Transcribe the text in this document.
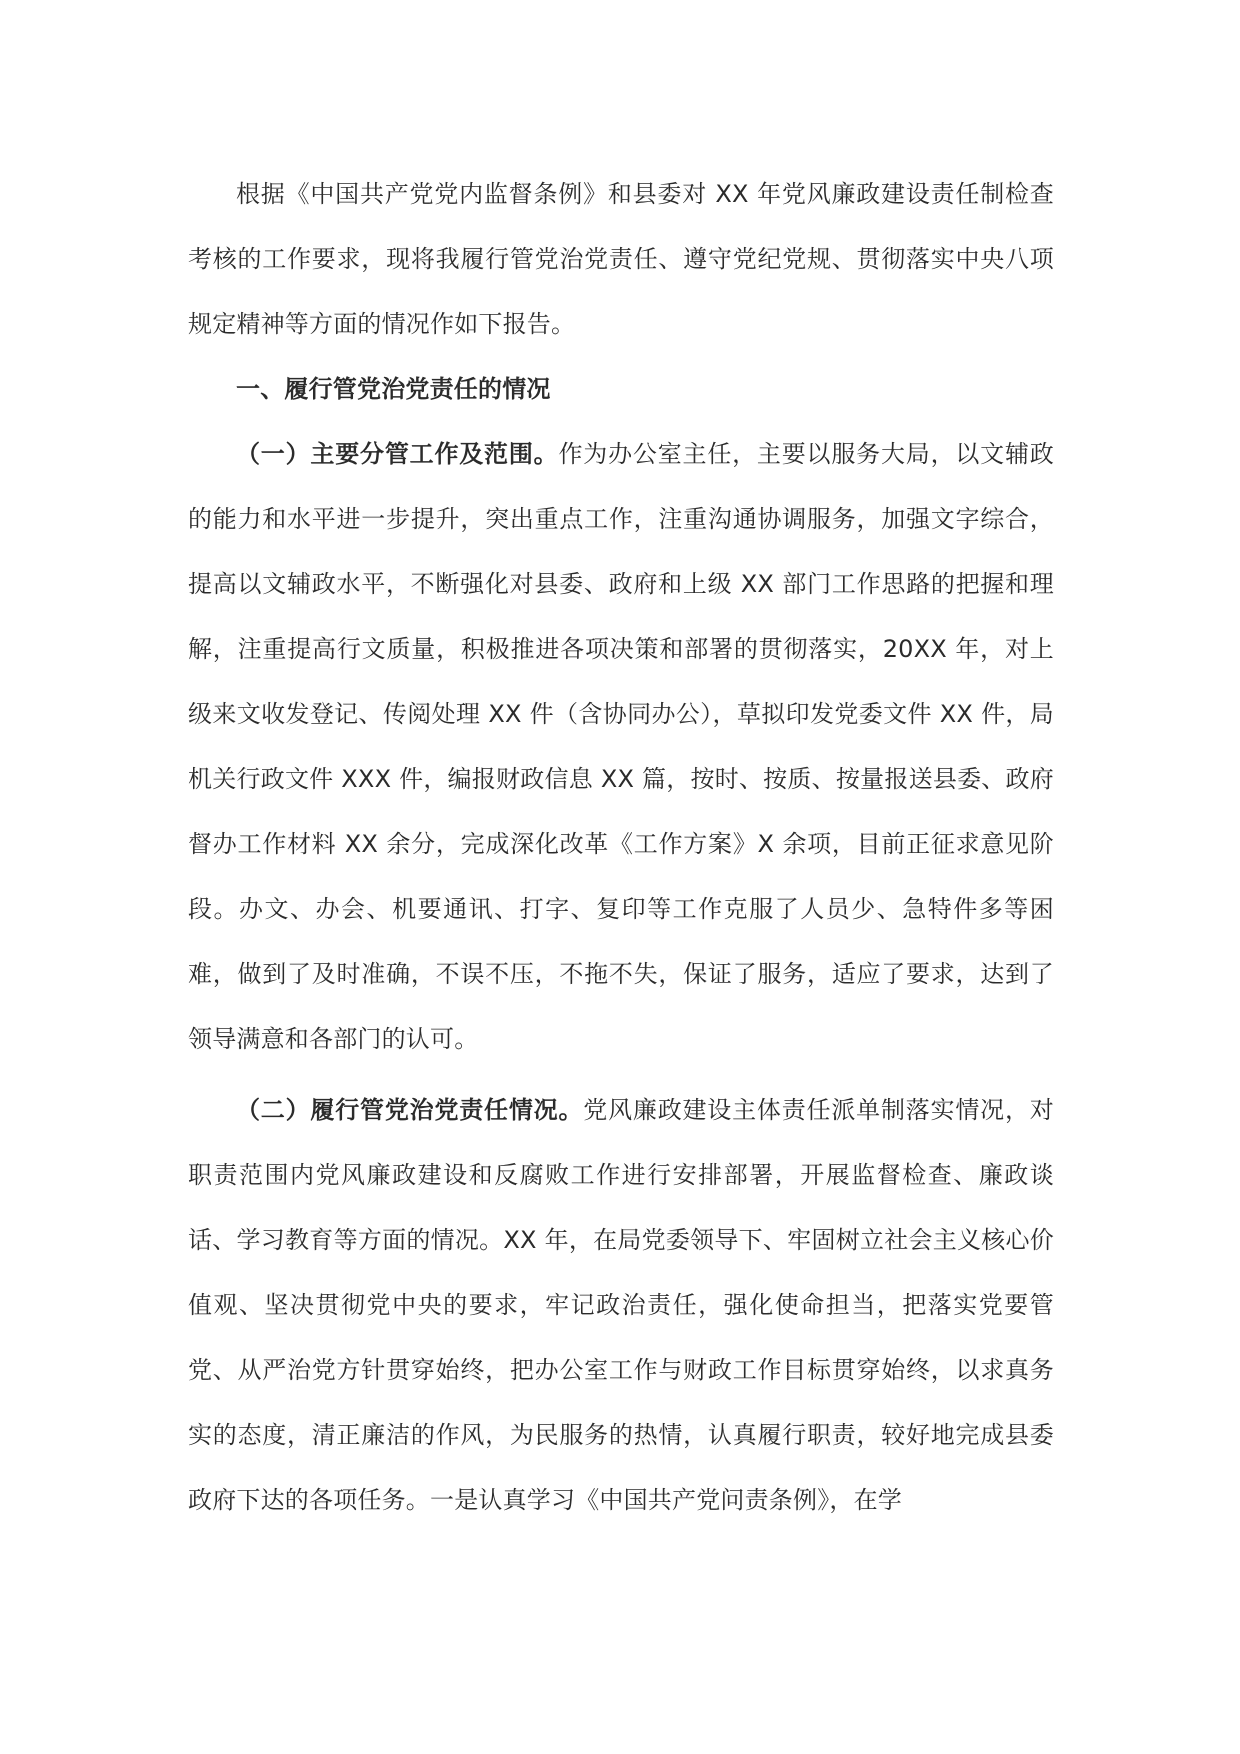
根据《中国共产党党内监督条例》和县委对 XX 年党风廉政建设责任制检查考核的工作要求，现将我履行管党治党责任、遵守党纪党规、贯彻落实中央八项规定精神等方面的情况作如下报告。

一、履行管党治党责任的情况

（一）主要分管工作及范围。作为办公室主任，主要以服务大局，以文辅政的能力和水平进一步提升，突出重点工作，注重沟通协调服务，加强文字综合，提高以文辅政水平，不断强化对县委、政府和上级 XX 部门工作思路的把握和理解，注重提高行文质量，积极推进各项决策和部署的贯彻落实，20XX 年，对上级来文收发登记、传阅处理 XX 件（含协同办公），草拟印发党委文件 XX 件，局机关行政文件 XXX 件，编报财政信息 XX 篇，按时、按质、按量报送县委、政府督办工作材料 XX 余分，完成深化改革《工作方案》X 余项，目前正征求意见阶段。办文、办会、机要通讯、打字、复印等工作克服了人员少、急特件多等困难，做到了及时准确，不误不压，不拖不失，保证了服务，适应了要求，达到了领导满意和各部门的认可。

（二）履行管党治党责任情况。党风廉政建设主体责任派单制落实情况，对职责范围内党风廉政建设和反腐败工作进行安排部署，开展监督检查、廉政谈话、学习教育等方面的情况。XX 年，在局党委领导下、牢固树立社会主义核心价值观、坚决贯彻党中央的要求，牢记政治责任，强化使命担当，把落实党要管党、从严治党方针贯穿始终，把办公室工作与财政工作目标贯穿始终，以求真务实的态度，清正廉洁的作风，为民服务的热情，认真履行职责，较好地完成县委政府下达的各项任务。一是认真学习《中国共产党问责条例》，在学
